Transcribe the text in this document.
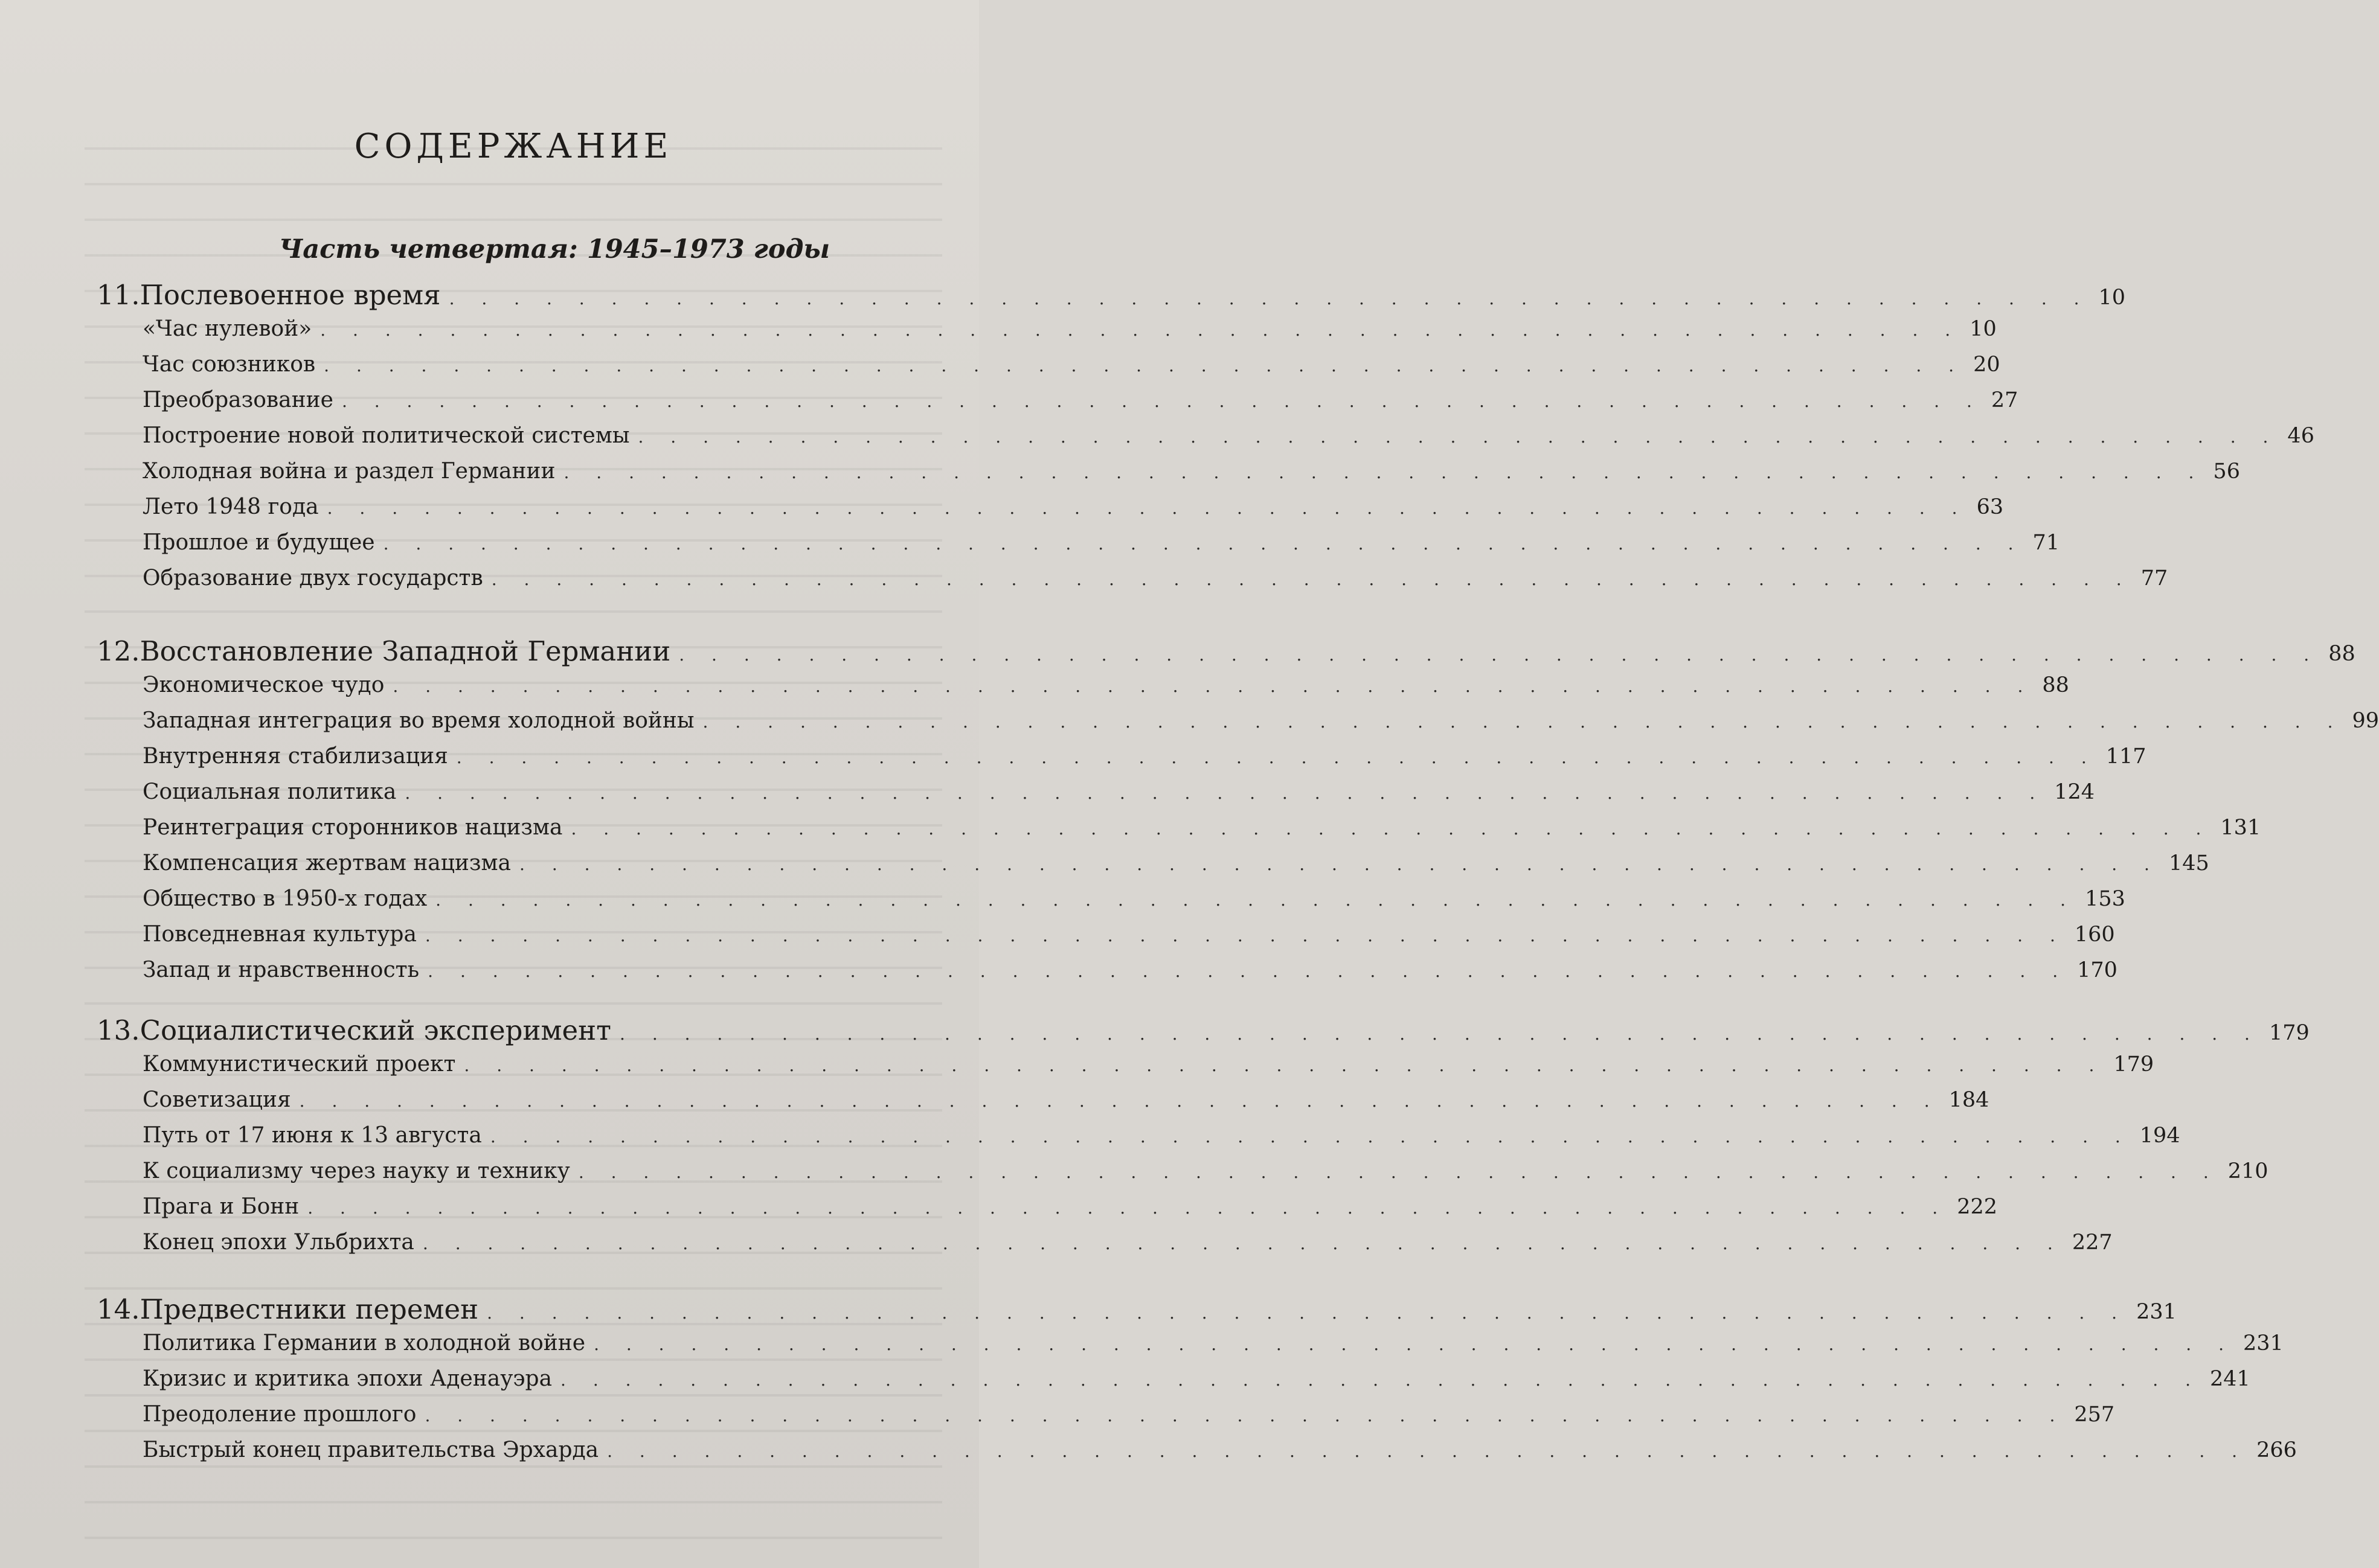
СОДЕРЖАНИЕ
Часть четвертая: 1945–1973 годы
11. Послевоенное время . . . . . . . . . . . . . . . . . . . . . . . . . . . . . . . . . . . . . . . . . . . . . . . . . . . 10
«Час нулевой» . . . . . . . . . . . . . . . . . . . . . . . . . . . . . . . . . . . . . . . . . . . . . . . . . . . 10
Час союзников . . . . . . . . . . . . . . . . . . . . . . . . . . . . . . . . . . . . . . . . . . . . . . . . . . . 20
Преобразование . . . . . . . . . . . . . . . . . . . . . . . . . . . . . . . . . . . . . . . . . . . . . . . . . . . 27
Построение новой политической системы . . . . . . . . . . . . . . . . . . . . . . . . . . . . . . . . . . . . . . . . . . . . . . . . . . . 46
Холодная война и раздел Германии . . . . . . . . . . . . . . . . . . . . . . . . . . . . . . . . . . . . . . . . . . . . . . . . . . . 56
Лето 1948 года . . . . . . . . . . . . . . . . . . . . . . . . . . . . . . . . . . . . . . . . . . . . . . . . . . . 63
Прошлое и будущее . . . . . . . . . . . . . . . . . . . . . . . . . . . . . . . . . . . . . . . . . . . . . . . . . . . 71
Образование двух государств . . . . . . . . . . . . . . . . . . . . . . . . . . . . . . . . . . . . . . . . . . . . . . . . . . . 77
12. Восстановление Западной Германии . . . . . . . . . . . . . . . . . . . . . . . . . . . . . . . . . . . . . . . . . . . . . . . . . . . 88
Экономическое чудо . . . . . . . . . . . . . . . . . . . . . . . . . . . . . . . . . . . . . . . . . . . . . . . . . . . 88
Западная интеграция во время холодной войны . . . . . . . . . . . . . . . . . . . . . . . . . . . . . . . . . . . . . . . . . . . . . . . . . . . 99
Внутренняя стабилизация . . . . . . . . . . . . . . . . . . . . . . . . . . . . . . . . . . . . . . . . . . . . . . . . . . . 117
Социальная политика . . . . . . . . . . . . . . . . . . . . . . . . . . . . . . . . . . . . . . . . . . . . . . . . . . . 124
Реинтеграция сторонников нацизма . . . . . . . . . . . . . . . . . . . . . . . . . . . . . . . . . . . . . . . . . . . . . . . . . . . 131
Компенсация жертвам нацизма . . . . . . . . . . . . . . . . . . . . . . . . . . . . . . . . . . . . . . . . . . . . . . . . . . . 145
Общество в 1950-х годах . . . . . . . . . . . . . . . . . . . . . . . . . . . . . . . . . . . . . . . . . . . . . . . . . . . 153
Повседневная культура . . . . . . . . . . . . . . . . . . . . . . . . . . . . . . . . . . . . . . . . . . . . . . . . . . . 160
Запад и нравственность . . . . . . . . . . . . . . . . . . . . . . . . . . . . . . . . . . . . . . . . . . . . . . . . . . . 170
13. Социалистический эксперимент . . . . . . . . . . . . . . . . . . . . . . . . . . . . . . . . . . . . . . . . . . . . . . . . . . . 179
Коммунистический проект . . . . . . . . . . . . . . . . . . . . . . . . . . . . . . . . . . . . . . . . . . . . . . . . . . . 179
Советизация . . . . . . . . . . . . . . . . . . . . . . . . . . . . . . . . . . . . . . . . . . . . . . . . . . . 184
Путь от 17 июня к 13 августа . . . . . . . . . . . . . . . . . . . . . . . . . . . . . . . . . . . . . . . . . . . . . . . . . . . 194
К социализму через науку и технику . . . . . . . . . . . . . . . . . . . . . . . . . . . . . . . . . . . . . . . . . . . . . . . . . . . 210
Прага и Бонн . . . . . . . . . . . . . . . . . . . . . . . . . . . . . . . . . . . . . . . . . . . . . . . . . . . 222
Конец эпохи Ульбрихта . . . . . . . . . . . . . . . . . . . . . . . . . . . . . . . . . . . . . . . . . . . . . . . . . . . 227
14. Предвестники перемен . . . . . . . . . . . . . . . . . . . . . . . . . . . . . . . . . . . . . . . . . . . . . . . . . . . 231
Политика Германии в холодной войне . . . . . . . . . . . . . . . . . . . . . . . . . . . . . . . . . . . . . . . . . . . . . . . . . . . 231
Кризис и критика эпохи Аденауэра . . . . . . . . . . . . . . . . . . . . . . . . . . . . . . . . . . . . . . . . . . . . . . . . . . . 241
Преодоление прошлого . . . . . . . . . . . . . . . . . . . . . . . . . . . . . . . . . . . . . . . . . . . . . . . . . . . 257
Быстрый конец правительства Эрхарда . . . . . . . . . . . . . . . . . . . . . . . . . . . . . . . . . . . . . . . . . . . . . . . . . . . 266
